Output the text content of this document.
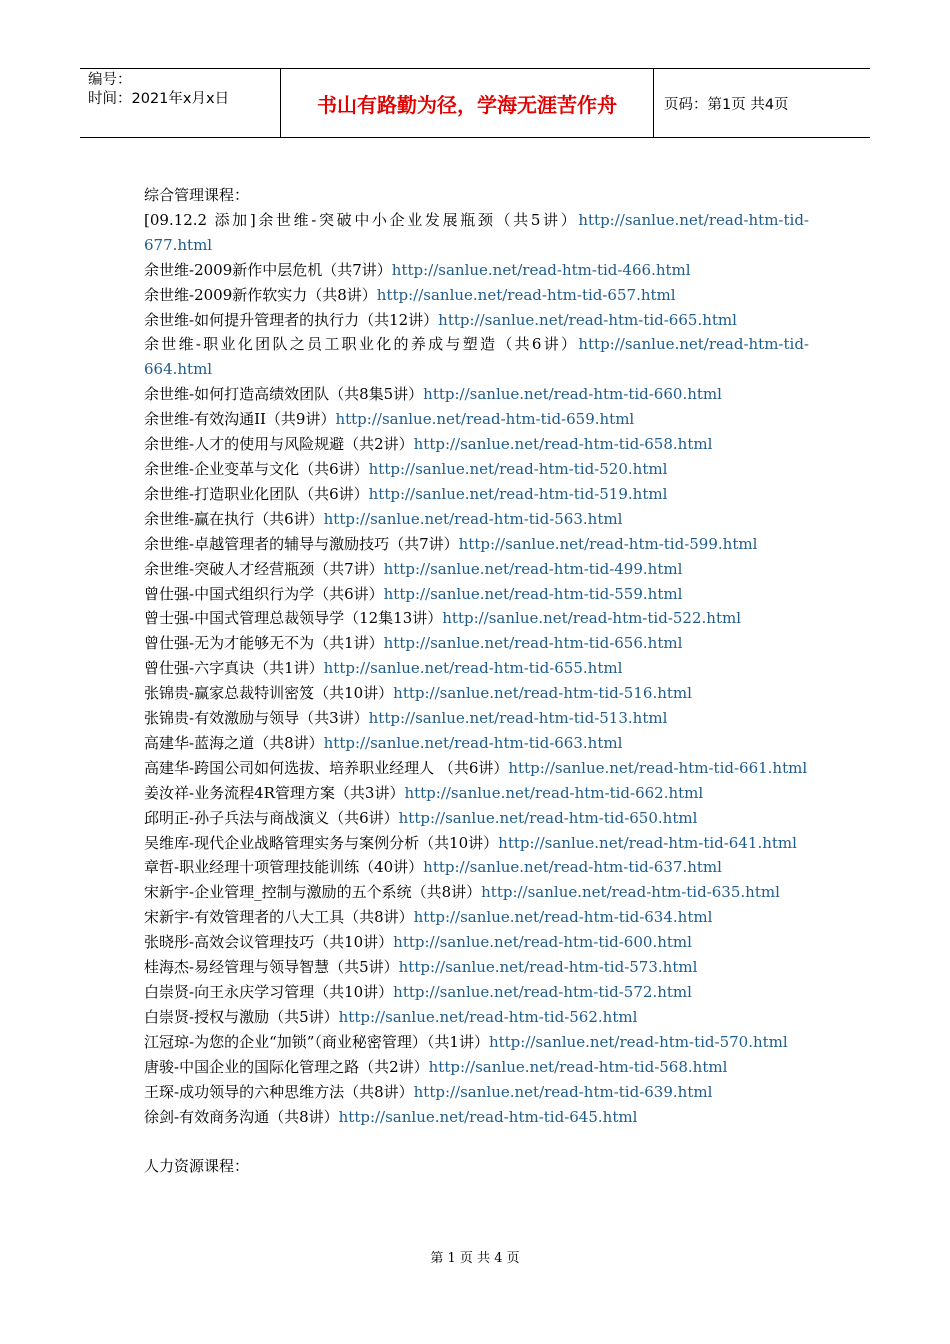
编号：
时间：2021年x月x日	书山有路勤为径，学海无涯苦作舟	页码：第1页 共4页

综合管理课程：

[09.12.2 添加]余世维-突破中小企业发展瓶颈（共5讲）http://sanlue.net/read-htm-tid-677.html

余世维-2009新作中层危机（共7讲）http://sanlue.net/read-htm-tid-466.html

余世维-2009新作软实力（共8讲）http://sanlue.net/read-htm-tid-657.html

余世维-如何提升管理者的执行力（共12讲）http://sanlue.net/read-htm-tid-665.html

余世维-职业化团队之员工职业化的养成与塑造（共6讲）http://sanlue.net/read-htm-tid-664.html

余世维-如何打造高绩效团队（共8集5讲）http://sanlue.net/read-htm-tid-660.html

余世维-有效沟通II（共9讲）http://sanlue.net/read-htm-tid-659.html

余世维-人才的使用与风险规避（共2讲）http://sanlue.net/read-htm-tid-658.html

余世维-企业变革与文化（共6讲）http://sanlue.net/read-htm-tid-520.html

余世维-打造职业化团队（共6讲）http://sanlue.net/read-htm-tid-519.html

余世维-赢在执行（共6讲）http://sanlue.net/read-htm-tid-563.html

余世维-卓越管理者的辅导与激励技巧（共7讲）http://sanlue.net/read-htm-tid-599.html

余世维-突破人才经营瓶颈（共7讲）http://sanlue.net/read-htm-tid-499.html

曾仕强-中国式组织行为学（共6讲）http://sanlue.net/read-htm-tid-559.html

曾士强-中国式管理总裁领导学（12集13讲）http://sanlue.net/read-htm-tid-522.html

曾仕强-无为才能够无不为（共1讲）http://sanlue.net/read-htm-tid-656.html

曾仕强-六字真诀（共1讲）http://sanlue.net/read-htm-tid-655.html

张锦贵-赢家总裁特训密笈（共10讲）http://sanlue.net/read-htm-tid-516.html

张锦贵-有效激励与领导（共3讲）http://sanlue.net/read-htm-tid-513.html

高建华-蓝海之道（共8讲）http://sanlue.net/read-htm-tid-663.html

高建华-跨国公司如何选拔、培养职业经理人 （共6讲）http://sanlue.net/read-htm-tid-661.html

姜汝祥-业务流程4R管理方案（共3讲）http://sanlue.net/read-htm-tid-662.html

邱明正-孙子兵法与商战演义（共6讲）http://sanlue.net/read-htm-tid-650.html

吴维库-现代企业战略管理实务与案例分析（共10讲）http://sanlue.net/read-htm-tid-641.html

章哲-职业经理十项管理技能训练（40讲）http://sanlue.net/read-htm-tid-637.html

宋新宇-企业管理_控制与激励的五个系统（共8讲）http://sanlue.net/read-htm-tid-635.html

宋新宇-有效管理者的八大工具（共8讲）http://sanlue.net/read-htm-tid-634.html

张晓彤-高效会议管理技巧（共10讲）http://sanlue.net/read-htm-tid-600.html

桂海杰-易经管理与领导智慧（共5讲）http://sanlue.net/read-htm-tid-573.html

白崇贤-向王永庆学习管理（共10讲）http://sanlue.net/read-htm-tid-572.html

白崇贤-授权与激励（共5讲）http://sanlue.net/read-htm-tid-562.html

江冠琼-为您的企业“加锁”（商业秘密管理）（共1讲）http://sanlue.net/read-htm-tid-570.html

唐骏-中国企业的国际化管理之路（共2讲）http://sanlue.net/read-htm-tid-568.html

王琛-成功领导的六种思维方法（共8讲）http://sanlue.net/read-htm-tid-639.html

徐剑-有效商务沟通（共8讲）http://sanlue.net/read-htm-tid-645.html

人力资源课程：

第 1 页 共 4 页
